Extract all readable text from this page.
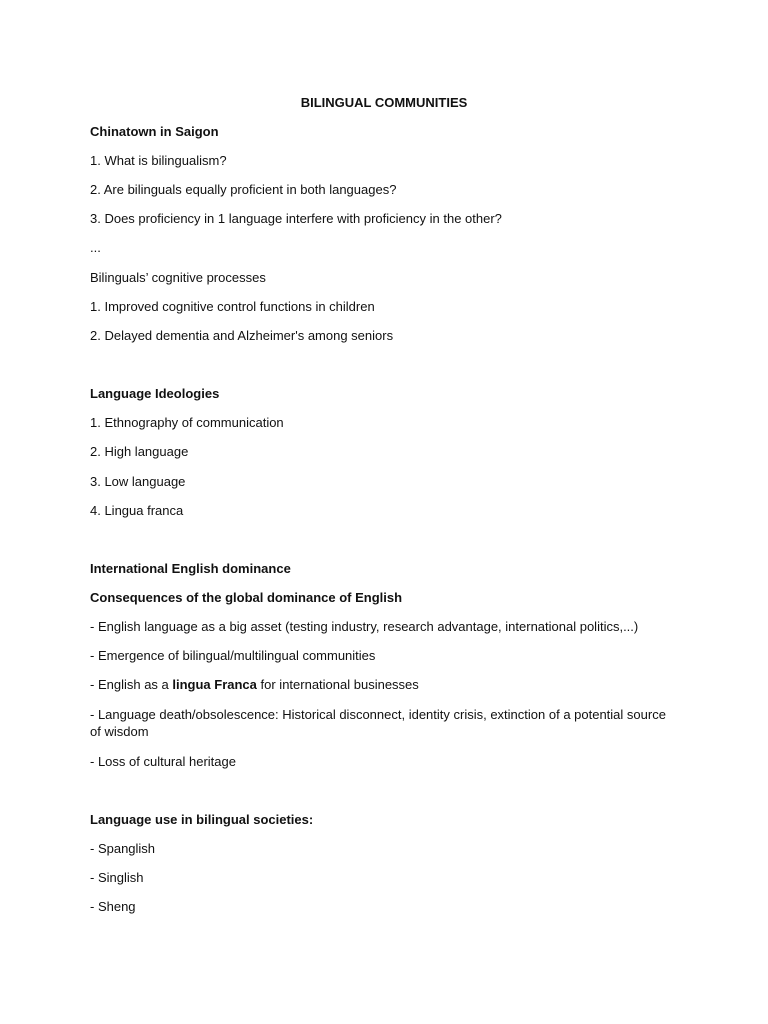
BILINGUAL COMMUNITIES
Chinatown in Saigon
1. What is bilingualism?
2. Are bilinguals equally proficient in both languages?
3. Does proficiency in 1 language interfere with proficiency in the other?
...
Bilinguals’ cognitive processes
1. Improved cognitive control functions in children
2. Delayed dementia and Alzheimer's among seniors
Language Ideologies
1. Ethnography of communication
2. High language
3. Low language
4. Lingua franca
International English dominance
Consequences of the global dominance of English
- English language as a big asset (testing industry, research advantage, international politics,...)
- Emergence of bilingual/multilingual communities
- English as a lingua Franca for international businesses
- Language death/obsolescence: Historical disconnect, identity crisis, extinction of a potential source of wisdom
- Loss of cultural heritage
Language use in bilingual societies:
- Spanglish
- Singlish
- Sheng
